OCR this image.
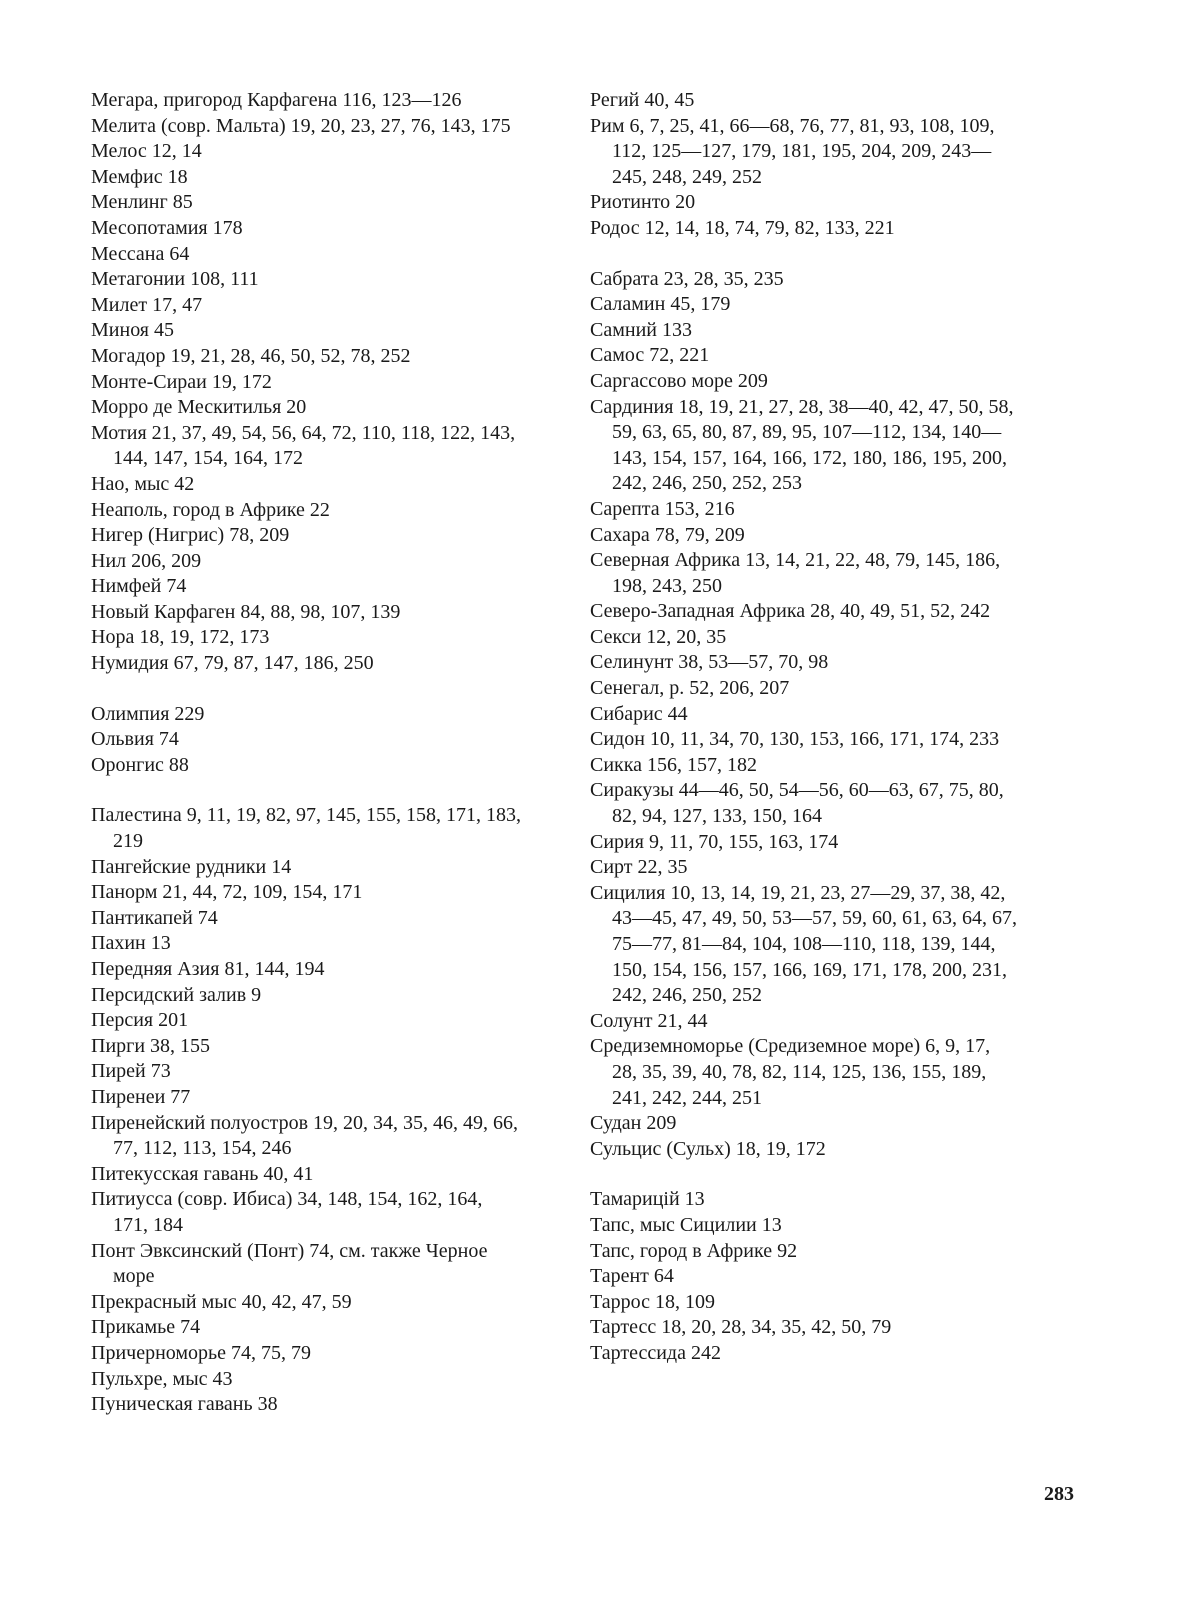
Мегара, пригород Карфагена 116, 123—126
Мелита (совр. Мальта) 19, 20, 23, 27, 76, 143, 175
Мелос 12, 14
Мемфис 18
Менлинг 85
Месопотамия 178
Мессана 64
Метагонии 108, 111
Милет 17, 47
Миноя 45
Могадор 19, 21, 28, 46, 50, 52, 78, 252
Монте-Сираи 19, 172
Морро де Мескитилья 20
Мотия 21, 37, 49, 54, 56, 64, 72, 110, 118, 122, 143, 144, 147, 154, 164, 172
Нао, мыс 42
Неаполь, город в Африке 22
Нигер (Нигрис) 78, 209
Нил 206, 209
Нимфей 74
Новый Карфаген 84, 88, 98, 107, 139
Нора 18, 19, 172, 173
Нумидия 67, 79, 87, 147, 186, 250
Олимпия 229
Ольвия 74
Оронгис 88
Палестина 9, 11, 19, 82, 97, 145, 155, 158, 171, 183, 219
Пангейские рудники 14
Панорм 21, 44, 72, 109, 154, 171
Пантикапей 74
Пахин 13
Передняя Азия 81, 144, 194
Персидский залив 9
Персия 201
Пирги 38, 155
Пирей 73
Пиренеи 77
Пиренейский полуостров 19, 20, 34, 35, 46, 49, 66, 77, 112, 113, 154, 246
Питекусская гавань 40, 41
Питиусса (совр. Ибиса) 34, 148, 154, 162, 164, 171, 184
Понт Эвксинский (Понт) 74, см. также Черное море
Прекрасный мыс 40, 42, 47, 59
Прикамье 74
Причерноморье 74, 75, 79
Пульхре, мыс 43
Пуническая гавань 38
Регий 40, 45
Рим 6, 7, 25, 41, 66—68, 76, 77, 81, 93, 108, 109, 112, 125—127, 179, 181, 195, 204, 209, 243—245, 248, 249, 252
Риотинто 20
Родос 12, 14, 18, 74, 79, 82, 133, 221
Сабрата 23, 28, 35, 235
Саламин 45, 179
Самний 133
Самос 72, 221
Саргассово море 209
Сардиния 18, 19, 21, 27, 28, 38—40, 42, 47, 50, 58, 59, 63, 65, 80, 87, 89, 95, 107—112, 134, 140—143, 154, 157, 164, 166, 172, 180, 186, 195, 200, 242, 246, 250, 252, 253
Сарепта 153, 216
Сахара 78, 79, 209
Северная Африка 13, 14, 21, 22, 48, 79, 145, 186, 198, 243, 250
Северо-Западная Африка 28, 40, 49, 51, 52, 242
Секси 12, 20, 35
Селинунт 38, 53—57, 70, 98
Сенегал, р. 52, 206, 207
Сибарис 44
Сидон 10, 11, 34, 70, 130, 153, 166, 171, 174, 233
Сикка 156, 157, 182
Сиракузы 44—46, 50, 54—56, 60—63, 67, 75, 80, 82, 94, 127, 133, 150, 164
Сирия 9, 11, 70, 155, 163, 174
Сирт 22, 35
Сицилия 10, 13, 14, 19, 21, 23, 27—29, 37, 38, 42, 43—45, 47, 49, 50, 53—57, 59, 60, 61, 63, 64, 67, 75—77, 81—84, 104, 108—110, 118, 139, 144, 150, 154, 156, 157, 166, 169, 171, 178, 200, 231, 242, 246, 250, 252
Солунт 21, 44
Средиземноморье (Средиземное море) 6, 9, 17, 28, 35, 39, 40, 78, 82, 114, 125, 136, 155, 189, 241, 242, 244, 251
Судан 209
Сульцис (Сульх) 18, 19, 172
Тамарицій 13
Тапс, мыс Сицилии 13
Тапс, город в Африке 92
Тарент 64
Таррос 18, 109
Тартесс 18, 20, 28, 34, 35, 42, 50, 79
Тартессида 242
283
